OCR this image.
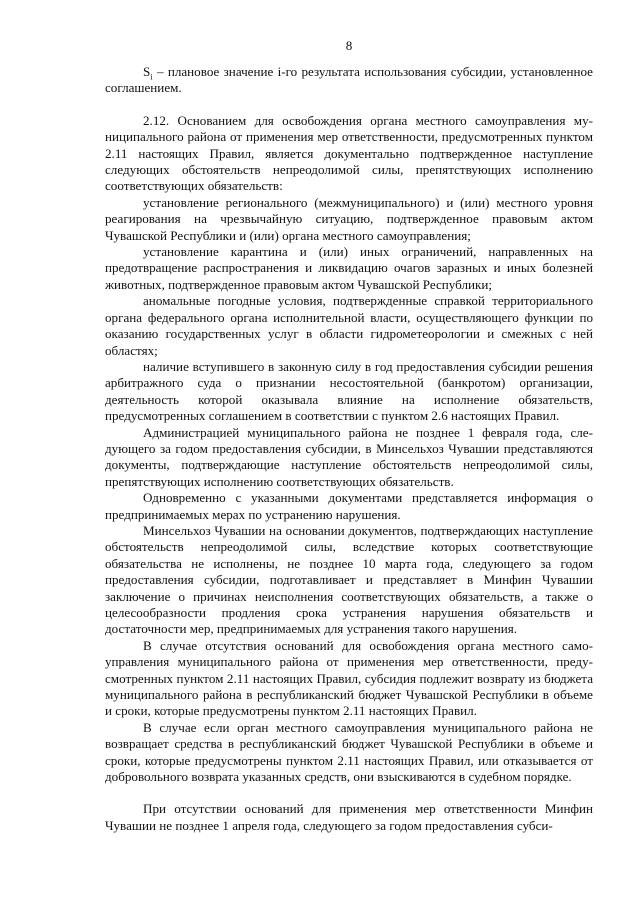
8

$S_i$ – плановое значение i-го результата использования субсидии, установленное соглашением.

2.12. Основанием для освобождения органа местного самоуправления муниципального района от применения мер ответственности, предусмотренных пунктом 2.11 настоящих Правил, является документально подтвержденное наступление следующих обстоятельств непреодолимой силы, препятствующих исполнению соответствующих обязательств:

установление регионального (межмуниципального) и (или) местного уровня реагирования на чрезвычайную ситуацию, подтвержденное правовым актом Чувашской Республики и (или) органа местного самоуправления;

установление карантина и (или) иных ограничений, направленных на предотвращение распространения и ликвидацию очагов заразных и иных болезней животных, подтвержденное правовым актом Чувашской Республики;

аномальные погодные условия, подтвержденные справкой территориального органа федерального органа исполнительной власти, осуществляющего функции по оказанию государственных услуг в области гидрометеорологии и смежных с ней областях;

наличие вступившего в законную силу в год предоставления субсидии решения арбитражного суда о признании несостоятельной (банкротом) организации, деятельность которой оказывала влияние на исполнение обязательств, предусмотренных соглашением в соответствии с пунктом 2.6 настоящих Правил.

Администрацией муниципального района не позднее 1 февраля года, следующего за годом предоставления субсидии, в Минсельхоз Чувашии представляются документы, подтверждающие наступление обстоятельств непреодолимой силы, препятствующих исполнению соответствующих обязательств.

Одновременно с указанными документами представляется информация о предпринимаемых мерах по устранению нарушения.

Минсельхоз Чувашии на основании документов, подтверждающих наступление обстоятельств непреодолимой силы, вследствие которых соответствующие обязательства не исполнены, не позднее 10 марта года, следующего за годом предоставления субсидии, подготавливает и представляет в Минфин Чувашии заключение о причинах неисполнения соответствующих обязательств, а также о целесообразности продления срока устранения нарушения обязательств и достаточности мер, предпринимаемых для устранения такого нарушения.

В случае отсутствия оснований для освобождения органа местного самоуправления муниципального района от применения мер ответственности, предусмотренных пунктом 2.11 настоящих Правил, субсидия подлежит возврату из бюджета муниципального района в республиканский бюджет Чувашской Республики в объеме и сроки, которые предусмотрены пунктом 2.11 настоящих Правил.

В случае если орган местного самоуправления муниципального района не возвращает средства в республиканский бюджет Чувашской Республики в объеме и сроки, которые предусмотрены пунктом 2.11 настоящих Правил, или отказывается от добровольного возврата указанных средств, они взыскиваются в судебном порядке.

При отсутствии оснований для применения мер ответственности Минфин Чувашии не позднее 1 апреля года, следующего за годом предоставления субси-
